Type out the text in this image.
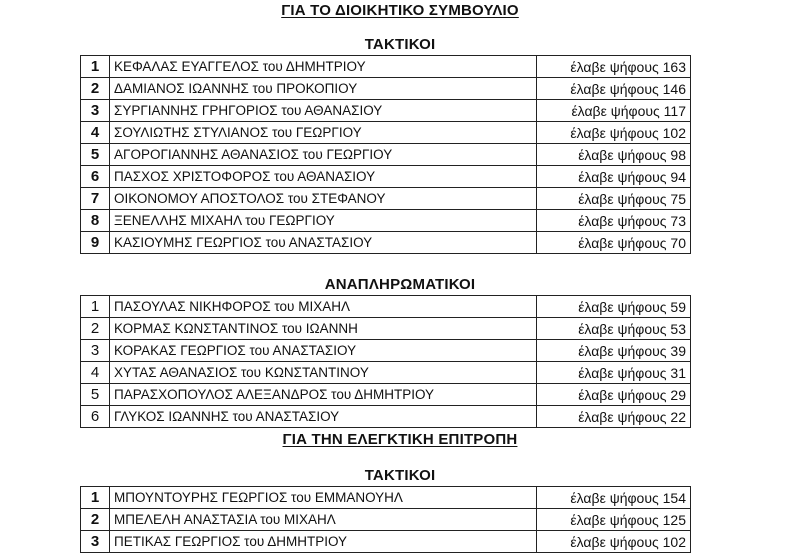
ΓΙΑ ΤΟ ΔΙΟΙΚΗΤΙΚΟ ΣΥΜΒΟΥΛΙΟ
ΤΑΚΤΙΚΟΙ
1	ΚΕΦΑΛΑΣ ΕΥΑΓΓΕΛΟΣ του ΔΗΜΗΤΡΙΟΥ	έλαβε ψήφους 163
2	ΔΑΜΙΑΝΟΣ ΙΩΑΝΝΗΣ του ΠΡΟΚΟΠΙΟΥ	έλαβε ψήφους 146
3	ΣΥΡΓΙΑΝΝΗΣ ΓΡΗΓΟΡΙΟΣ του ΑΘΑΝΑΣΙΟΥ	έλαβε ψήφους 117
4	ΣΟΥΛΙΩΤΗΣ ΣΤΥΛΙΑΝΟΣ του ΓΕΩΡΓΙΟΥ	έλαβε ψήφους 102
5	ΑΓΟΡΟΓΙΑΝΝΗΣ ΑΘΑΝΑΣΙΟΣ του ΓΕΩΡΓΙΟΥ	έλαβε ψήφους 98
6	ΠΑΣΧΟΣ ΧΡΙΣΤΟΦΟΡΟΣ του ΑΘΑΝΑΣΙΟΥ	έλαβε ψήφους 94
7	ΟΙΚΟΝΟΜΟΥ ΑΠΟΣΤΟΛΟΣ του ΣΤΕΦΑΝΟΥ	έλαβε ψήφους 75
8	ΞΕΝΕΛΛΗΣ ΜΙΧΑΗΛ του ΓΕΩΡΓΙΟΥ	έλαβε ψήφους 73
9	ΚΑΣΙΟΥΜΗΣ ΓΕΩΡΓΙΟΣ του ΑΝΑΣΤΑΣΙΟΥ	έλαβε ψήφους 70
ΑΝΑΠΛΗΡΩΜΑΤΙΚΟΙ
1	ΠΑΣΟΥΛΑΣ ΝΙΚΗΦΟΡΟΣ του ΜΙΧΑΗΛ	έλαβε ψήφους 59
2	ΚΟΡΜΑΣ ΚΩΝΣΤΑΝΤΙΝΟΣ του ΙΩΑΝΝΗ	έλαβε ψήφους 53
3	ΚΟΡΑΚΑΣ ΓΕΩΡΓΙΟΣ του ΑΝΑΣΤΑΣΙΟΥ	έλαβε ψήφους 39
4	ΧΥΤΑΣ ΑΘΑΝΑΣΙΟΣ του ΚΩΝΣΤΑΝΤΙΝΟΥ	έλαβε ψήφους 31
5	ΠΑΡΑΣΧΟΠΟΥΛΟΣ ΑΛΕΞΑΝΔΡΟΣ του ΔΗΜΗΤΡΙΟΥ	έλαβε ψήφους 29
6	ΓΛΥΚΟΣ ΙΩΑΝΝΗΣ του ΑΝΑΣΤΑΣΙΟΥ	έλαβε ψήφους 22
ΓΙΑ ΤΗΝ ΕΛΕΓΚΤΙΚΗ ΕΠΙΤΡΟΠΗ
ΤΑΚΤΙΚΟΙ
1	ΜΠΟΥΝΤΟΥΡΗΣ ΓΕΩΡΓΙΟΣ του ΕΜΜΑΝΟΥΗΛ	έλαβε ψήφους 154
2	ΜΠΕΛΕΛΗ ΑΝΑΣΤΑΣΙΑ του ΜΙΧΑΗΛ	έλαβε ψήφους 125
3	ΠΕΤΙΚΑΣ ΓΕΩΡΓΙΟΣ του ΔΗΜΗΤΡΙΟΥ	έλαβε ψήφους 102
